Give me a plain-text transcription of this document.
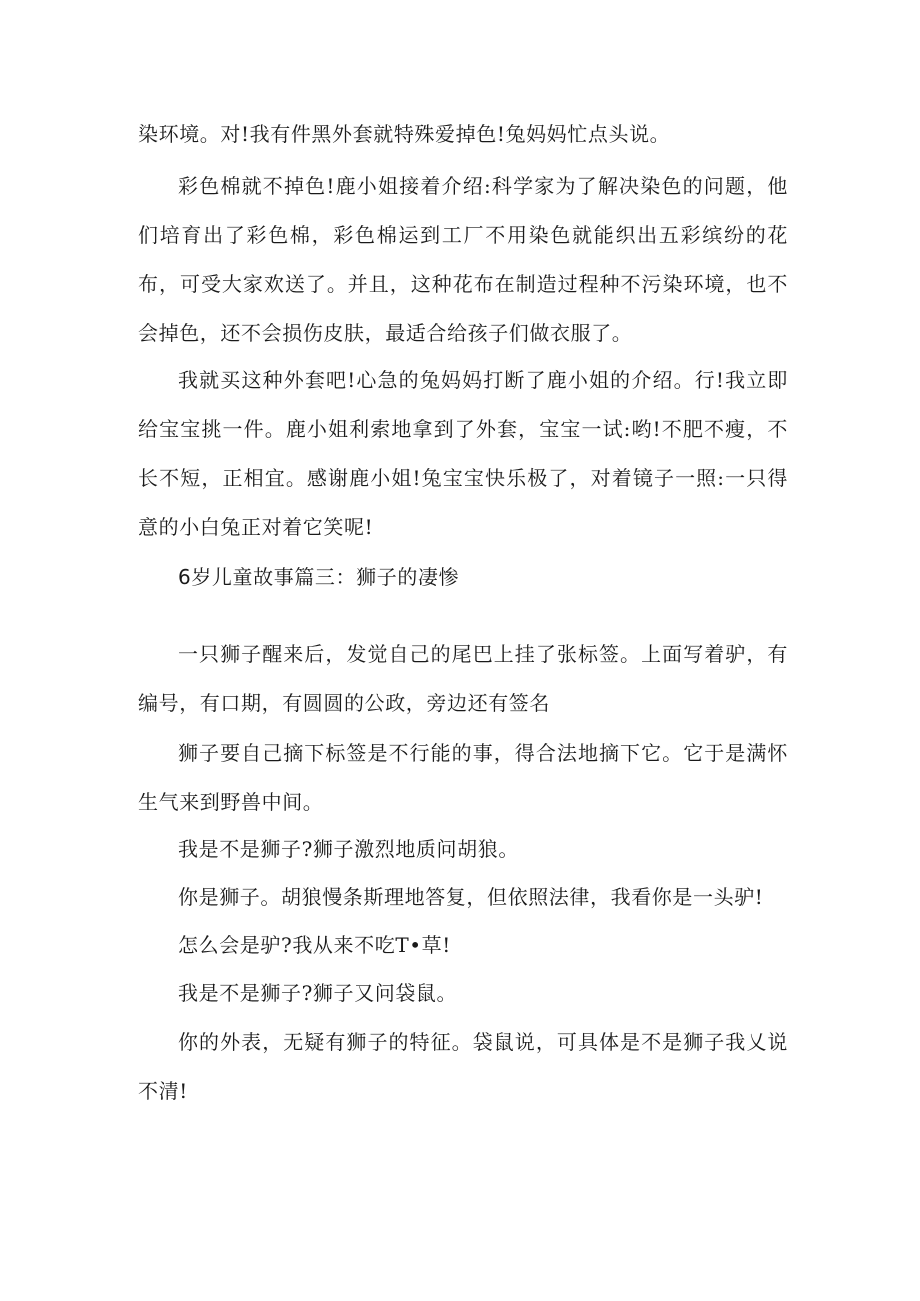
染环境。对!我有件黑外套就特殊爱掉色!兔妈妈忙点头说。

彩色棉就不掉色!鹿小姐接着介绍:科学家为了解决染色的问题，他们培育出了彩色棉，彩色棉运到工厂不用染色就能织出五彩缤纷的花布，可受大家欢送了。并且，这种花布在制造过程种不污染环境，也不会掉色，还不会损伤皮肤，最适合给孩子们做衣服了。

我就买这种外套吧!心急的兔妈妈打断了鹿小姐的介绍。行!我立即给宝宝挑一件。鹿小姐利索地拿到了外套，宝宝一试:哟!不肥不瘦，不长不短，正相宜。感谢鹿小姐!兔宝宝快乐极了，对着镜子一照:一只得意的小白兔正对着它笑呢!

6岁儿童故事篇三：狮子的凄惨

一只狮子醒来后，发觉自己的尾巴上挂了张标签。上面写着驴，有编号，有口期，有圆圆的公政，旁边还有签名

狮子要自己摘下标签是不行能的事，得合法地摘下它。它于是满怀生气来到野兽中间。

我是不是狮子?狮子激烈地质问胡狼。

你是狮子。胡狼慢条斯理地答复，但依照法律，我看你是一头驴!

怎么会是驴?我从来不吃T•草!

我是不是狮子?狮子又问袋鼠。

你的外表，无疑有狮子的特征。袋鼠说，可具体是不是狮子我乂说不清!
